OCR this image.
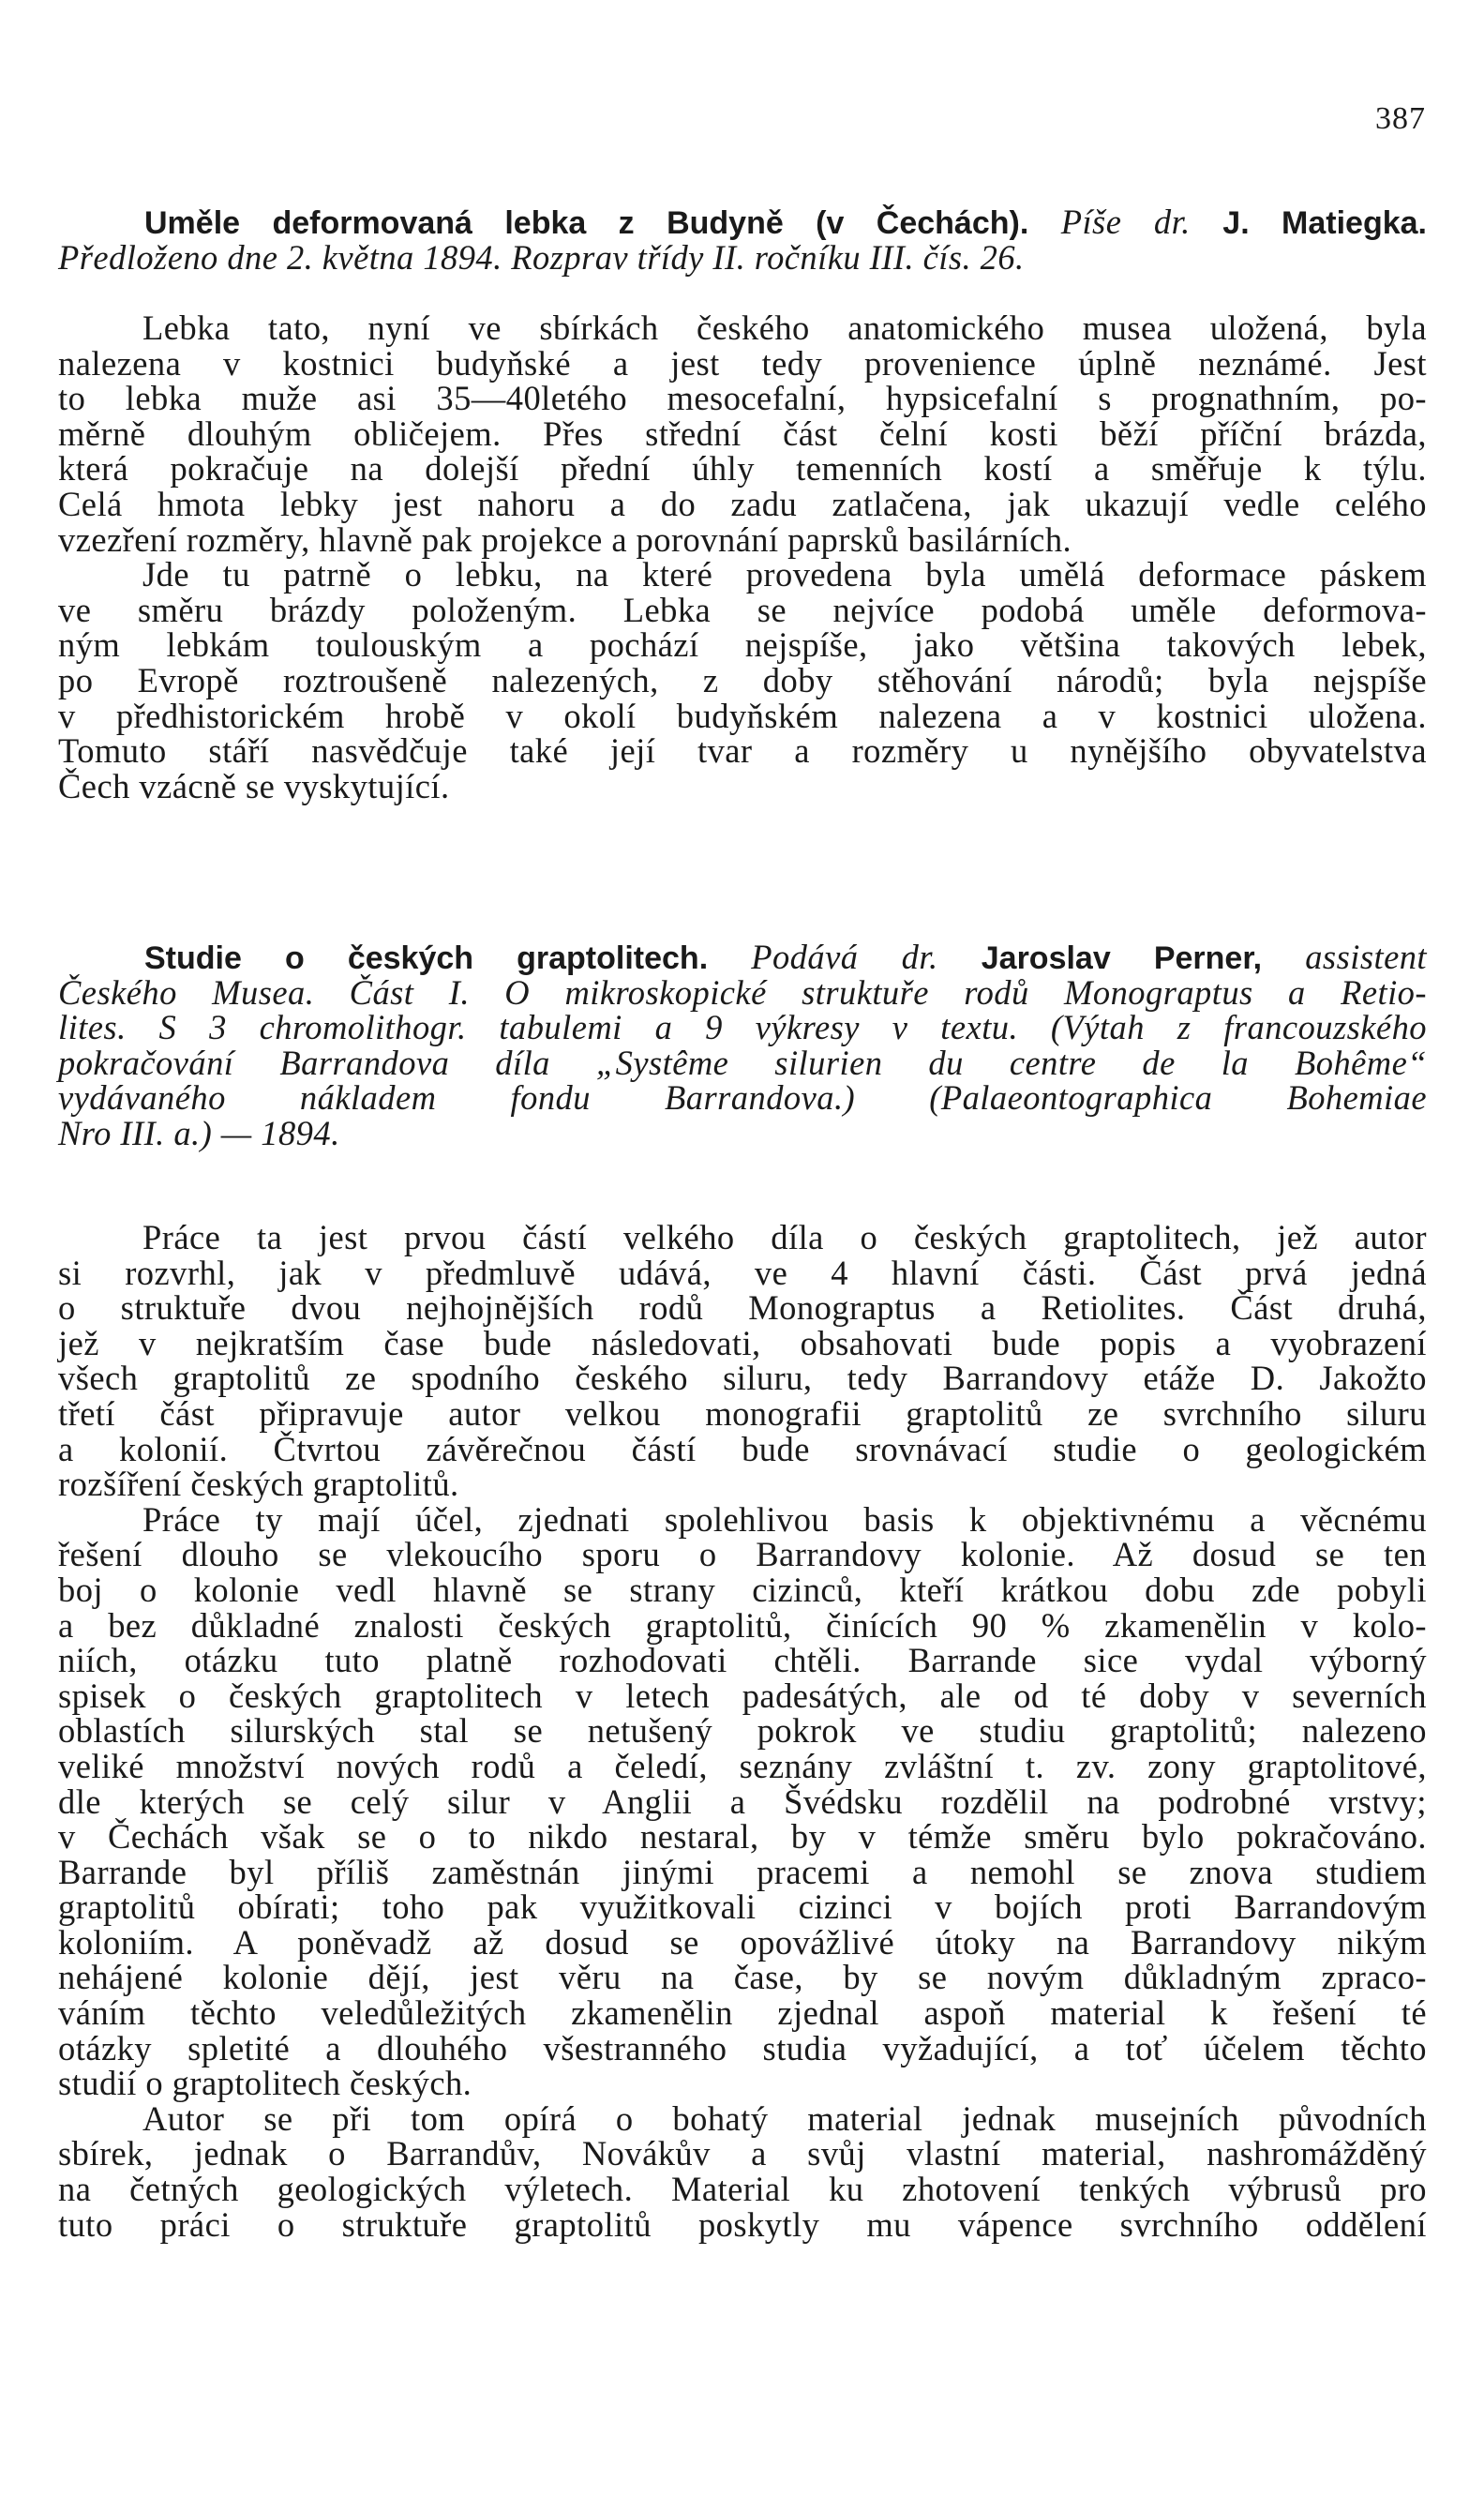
387
Uměle deformovaná lebka z Budyně (v Čechách). Píše dr. J. Matiegka.
Předloženo dne 2. května 1894. Rozprav třídy II. ročníku III. čís. 26.
Lebka tato, nyní ve sbírkách českého anatomického musea uložená, byla
nalezena v kostnici budyňské a jest tedy provenience úplně neznámé. Jest
to lebka muže asi 35—40letého mesocefalní, hypsicefalní s prognathním, po-
měrně dlouhým obličejem. Přes střední část čelní kosti běží příční brázda,
která pokračuje na dolejší přední úhly temenních kostí a směřuje k týlu.
Celá hmota lebky jest nahoru a do zadu zatlačena, jak ukazují vedle celého
vzezření rozměry, hlavně pak projekce a porovnání paprsků basilárních.
Jde tu patrně o lebku, na které provedena byla umělá deformace páskem
ve směru brázdy položeným. Lebka se nejvíce podobá uměle deformova-
ným lebkám toulouským a pochází nejspíše, jako většina takových lebek,
po Evropě roztroušeně nalezených, z doby stěhování národů; byla nejspíše
v předhistorickém hrobě v okolí budyňském nalezena a v kostnici uložena.
Tomuto stáří nasvědčuje také její tvar a rozměry u nynějšího obyvatelstva
Čech vzácně se vyskytující.
Studie o českých graptolitech. Podává dr. Jaroslav Perner, assistent
Českého Musea. Část I. O mikroskopické struktuře rodů Monograptus a Retio-
lites. S 3 chromolithogr. tabulemi a 9 výkresy v textu. (Výtah z francouzského
pokračování Barrandova díla „Systême silurien du centre de la Bohême“
vydávaného nákladem fondu Barrandova.) (Palaeontographica Bohemiae
Nro III. a.) — 1894.
Práce ta jest prvou částí velkého díla o českých graptolitech, jež autor
si rozvrhl, jak v předmluvě udává, ve 4 hlavní části. Část prvá jedná
o struktuře dvou nejhojnějších rodů Monograptus a Retiolites. Část druhá,
jež v nejkratším čase bude následovati, obsahovati bude popis a vyobrazení
všech graptolitů ze spodního českého siluru, tedy Barrandovy etáže D. Jakožto
třetí část připravuje autor velkou monografii graptolitů ze svrchního siluru
a kolonií. Čtvrtou závěrečnou částí bude srovnávací studie o geologickém
rozšíření českých graptolitů.
Práce ty mají účel, zjednati spolehlivou basis k objektivnému a věcnému
řešení dlouho se vlekoucího sporu o Barrandovy kolonie. Až dosud se ten
boj o kolonie vedl hlavně se strany cizinců, kteří krátkou dobu zde pobyli
a bez důkladné znalosti českých graptolitů, činících 90 % zkamenělin v kolo-
niích, otázku tuto platně rozhodovati chtěli. Barrande sice vydal výborný
spisek o českých graptolitech v letech padesátých, ale od té doby v severních
oblastích silurských stal se netušený pokrok ve studiu graptolitů; nalezeno
veliké množství nových rodů a čeledí, seznány zvláštní t. zv. zony graptolitové,
dle kterých se celý silur v Anglii a Švédsku rozdělil na podrobné vrstvy;
v Čechách však se o to nikdo nestaral, by v témže směru bylo pokračováno.
Barrande byl příliš zaměstnán jinými pracemi a nemohl se znova studiem
graptolitů obírati; toho pak využitkovali cizinci v bojích proti Barrandovým
koloniím. A poněvadž až dosud se opovážlivé útoky na Barrandovy nikým
nehájené kolonie dějí, jest věru na čase, by se novým důkladným zpraco-
váním těchto veledůležitých zkamenělin zjednal aspoň material k řešení té
otázky spletité a dlouhého všestranného studia vyžadující, a toť účelem těchto
studií o graptolitech českých.
Autor se při tom opírá o bohatý material jednak musejních původních
sbírek, jednak o Barrandův, Novákův a svůj vlastní material, nashromážděný
na četných geologických výletech. Material ku zhotovení tenkých výbrusů pro
tuto práci o struktuře graptolitů poskytly mu vápence svrchního oddělení
